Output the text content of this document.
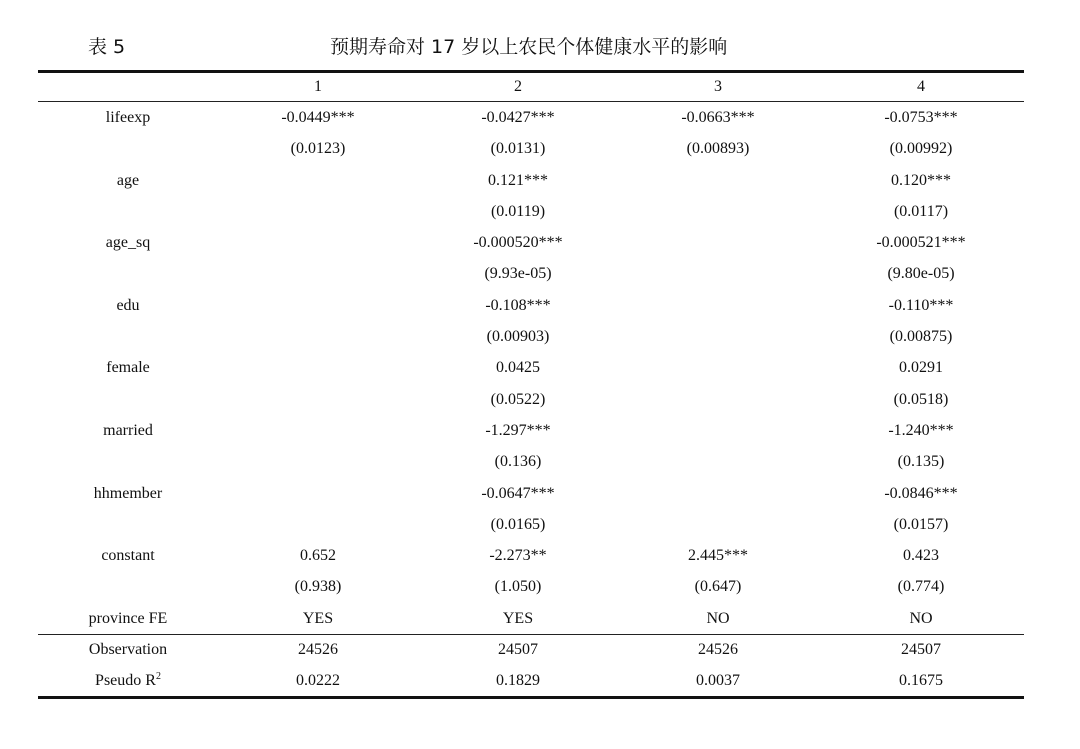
表 5	预期寿命对 17 岁以上农民个体健康水平的影响
	1	2	3	4
lifeexp	-0.0449***	-0.0427***	-0.0663***	-0.0753***
	(0.0123)	(0.0131)	(0.00893)	(0.00992)
age		0.121***		0.120***
		(0.0119)		(0.0117)
age_sq		-0.000520***		-0.000521***
		(9.93e-05)		(9.80e-05)
edu		-0.108***		-0.110***
		(0.00903)		(0.00875)
female		0.0425		0.0291
		(0.0522)		(0.0518)
married		-1.297***		-1.240***
		(0.136)		(0.135)
hhmember		-0.0647***		-0.0846***
		(0.0165)		(0.0157)
constant	0.652	-2.273**	2.445***	0.423
	(0.938)	(1.050)	(0.647)	(0.774)
province FE	YES	YES	NO	NO
Observation	24526	24507	24526	24507
Pseudo $R^2$	0.0222	0.1829	0.0037	0.1675
